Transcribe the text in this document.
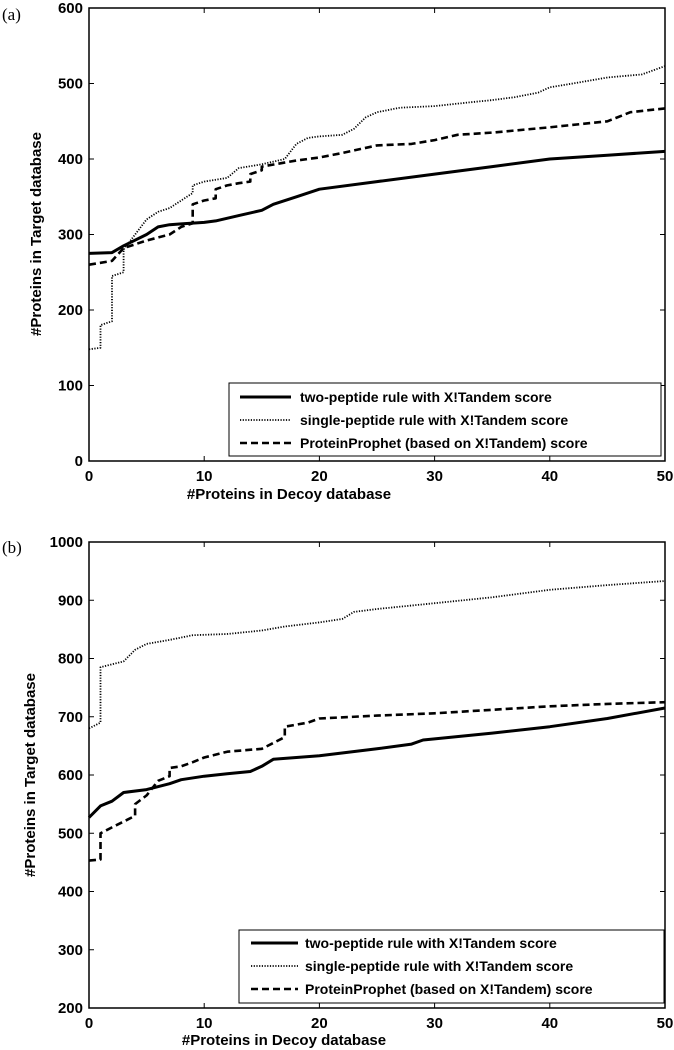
(a)
0	10	20	30	40	50
0
100
200
300
400
500
600
#Proteins in Decoy database
#Proteins in Target database
two-peptide rule with X!Tandem score
single-peptide rule with X!Tandem score
ProteinProphet (based on X!Tandem) score
(b)
0	10	20	30	40	50
200
300
400
500
600
700
800
900
1000
#Proteins in Decoy database
#Proteins in Target database
two-peptide rule with X!Tandem score
single-peptide rule with X!Tandem score
ProteinProphet (based on X!Tandem) score
